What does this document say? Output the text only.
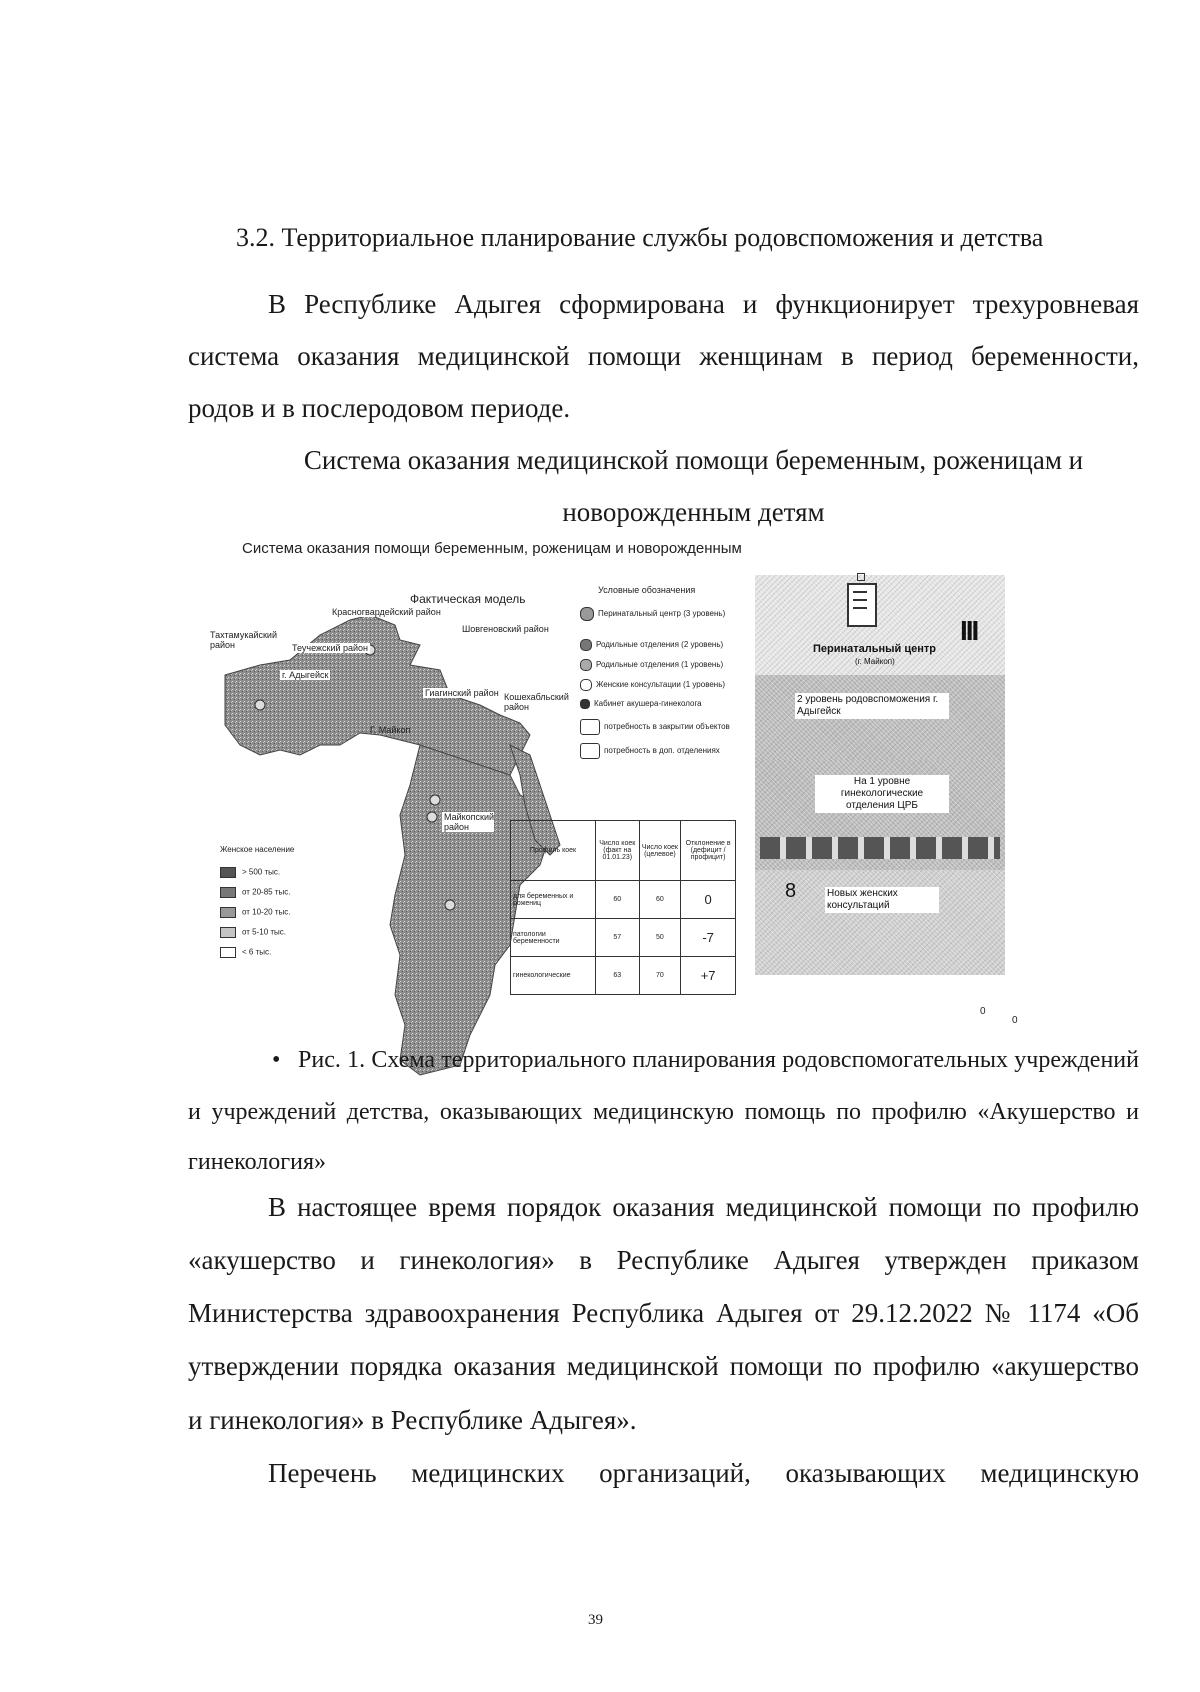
3.2. Территориальное планирование службы родовспоможения и детства

В Республике Адыгея сформирована и функционирует трехуровневая

система оказания медицинской помощи женщинам в период беременности,

родов и в послеродовом периоде.

Система оказания медицинской помощи беременным, роженицам и

новорожденным детям

Система оказания помощи беременным, роженицам и новорожденным
Фактическая модель
Красногвардейский район
Тахтамукайский район
Шовгеновский район
Теучежский район
г. Адыгейск
Гиагинский район Кошехабльский район
Г. Майкоп
Майкопский район
Условные обозначения
Перинатальный центр (3 уровень)
Родильные отделения (2 уровень)
Родильные отделения (1 уровень)
Женские консультации (1 уровень)
Кабинет акушера-гинеколога
потребность в закрытии объектов
потребность в доп. отделениях
Женское население
> 500 тыс.
от 20-85 тыс.
от 10-20 тыс.
от 5-10 тыс.
< 6 тыс.
Профиль коек	Число коек (факт на 01.01.23)	Число коек (целевое)	Отклонение в (дефицит / профицит)
для беременных и рожениц	60	60	0
патологии беременности	57	50	-7
гинекологические	63	70	+7
Перинатальный центр
(г. Майкоп)
III
2 уровень родовспоможения г. Адыгейск
На 1 уровне гинекологические отделения ЦРБ
8	Новых женских консультаций
0
0

• Рис. 1. Схема территориального планирования родовспомогательных учреждений

и учреждений детства, оказывающих медицинскую помощь по профилю «Акушерство и

гинекология»

В настоящее время порядок оказания медицинской помощи по профилю

«акушерство и гинекология» в Республике Адыгея утвержден приказом

Министерства здравоохранения Республика Адыгея от 29.12.2022 № 1174 «Об

утверждении порядка оказания медицинской помощи по профилю «акушерство

и гинекология» в Республике Адыгея».

Перечень медицинских организаций, оказывающих медицинскую

39
